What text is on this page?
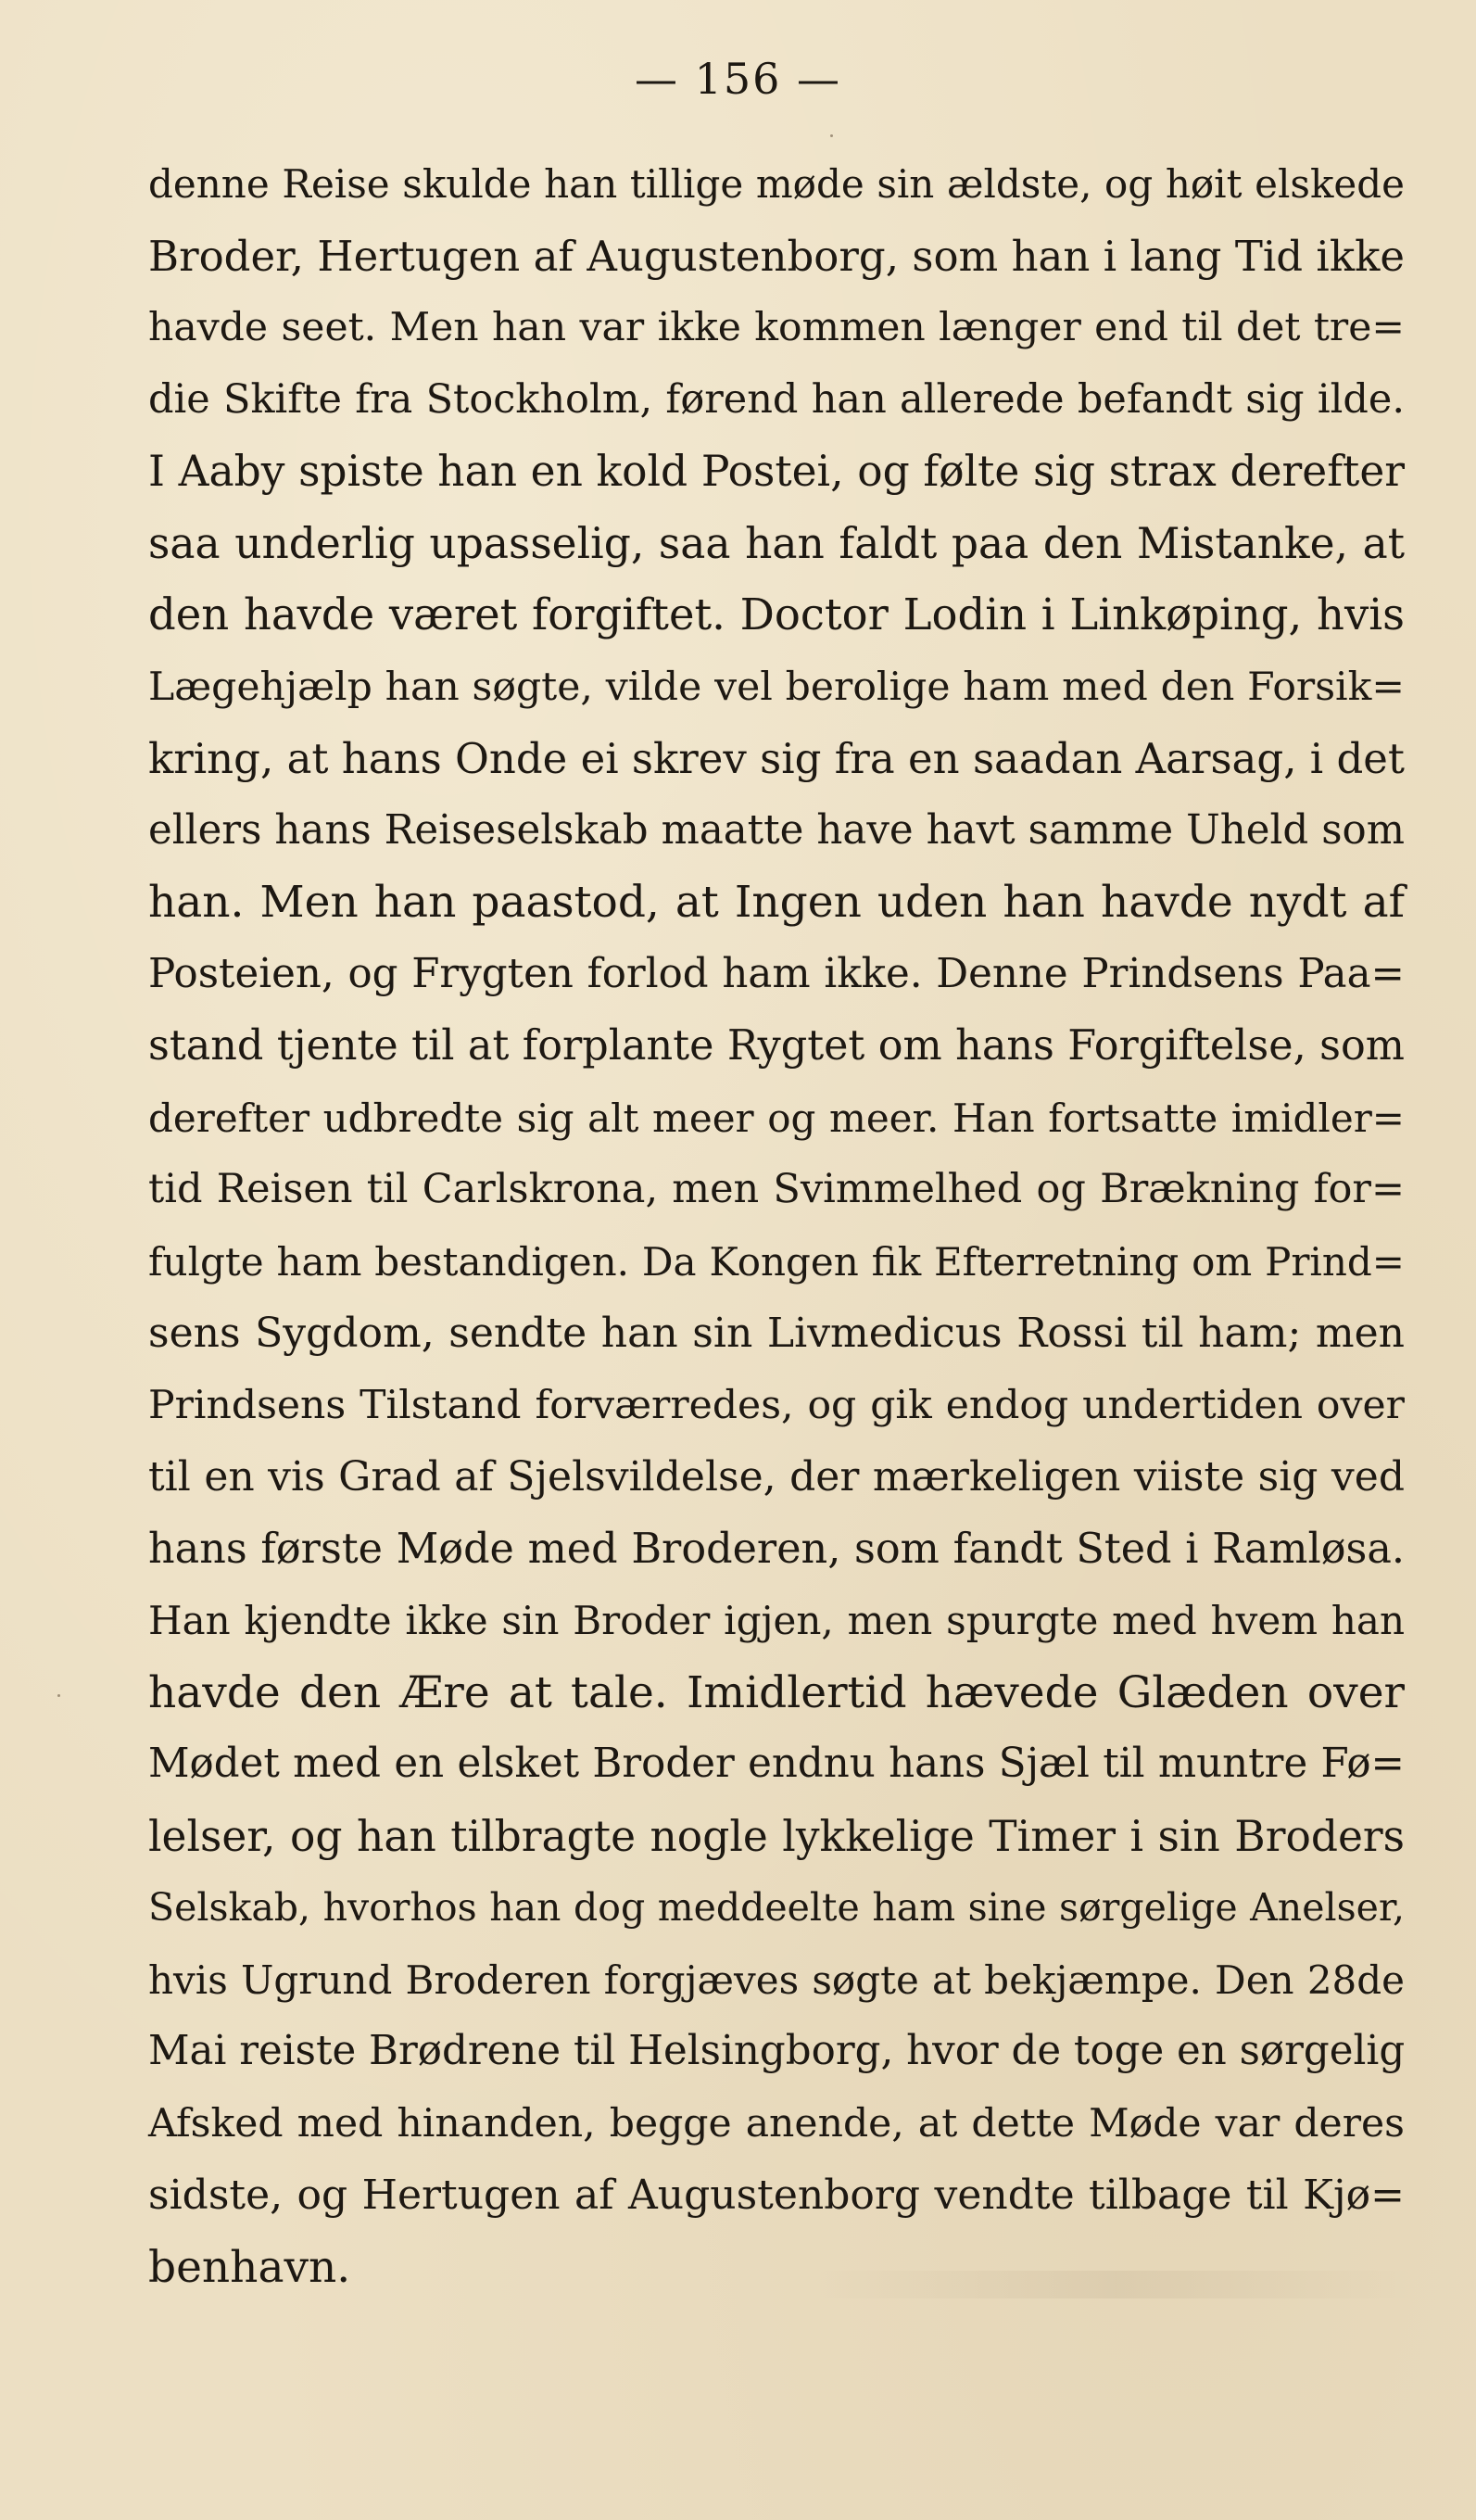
— 156 —
denne Reise skulde han tillige møde sin ældste, og høit elskede
Broder, Hertugen af Augustenborg, som han i lang Tid ikke
havde seet. Men han var ikke kommen længer end til det tre=
die Skifte fra Stockholm, førend han allerede befandt sig ilde.
I Aaby spiste han en kold Postei, og følte sig strax derefter
saa underlig upasselig, saa han faldt paa den Mistanke, at
den havde været forgiftet. Doctor Lodin i Linkøping, hvis
Lægehjælp han søgte, vilde vel berolige ham med den Forsik=
kring, at hans Onde ei skrev sig fra en saadan Aarsag, i det
ellers hans Reiseselskab maatte have havt samme Uheld som
han. Men han paastod, at Ingen uden han havde nydt af
Posteien, og Frygten forlod ham ikke. Denne Prindsens Paa=
stand tjente til at forplante Rygtet om hans Forgiftelse, som
derefter udbredte sig alt meer og meer. Han fortsatte imidler=
tid Reisen til Carlskrona, men Svimmelhed og Brækning for=
fulgte ham bestandigen. Da Kongen fik Efterretning om Prind=
sens Sygdom, sendte han sin Livmedicus Rossi til ham; men
Prindsens Tilstand forværredes, og gik endog undertiden over
til en vis Grad af Sjelsvildelse, der mærkeligen viiste sig ved
hans første Møde med Broderen, som fandt Sted i Ramløsa.
Han kjendte ikke sin Broder igjen, men spurgte med hvem han
havde den Ære at tale. Imidlertid hævede Glæden over
Mødet med en elsket Broder endnu hans Sjæl til muntre Fø=
lelser, og han tilbragte nogle lykkelige Timer i sin Broders
Selskab, hvorhos han dog meddeelte ham sine sørgelige Anelser,
hvis Ugrund Broderen forgjæves søgte at bekjæmpe. Den 28de
Mai reiste Brødrene til Helsingborg, hvor de toge en sørgelig
Afsked med hinanden, begge anende, at dette Møde var deres
sidste, og Hertugen af Augustenborg vendte tilbage til Kjø=
benhavn.
